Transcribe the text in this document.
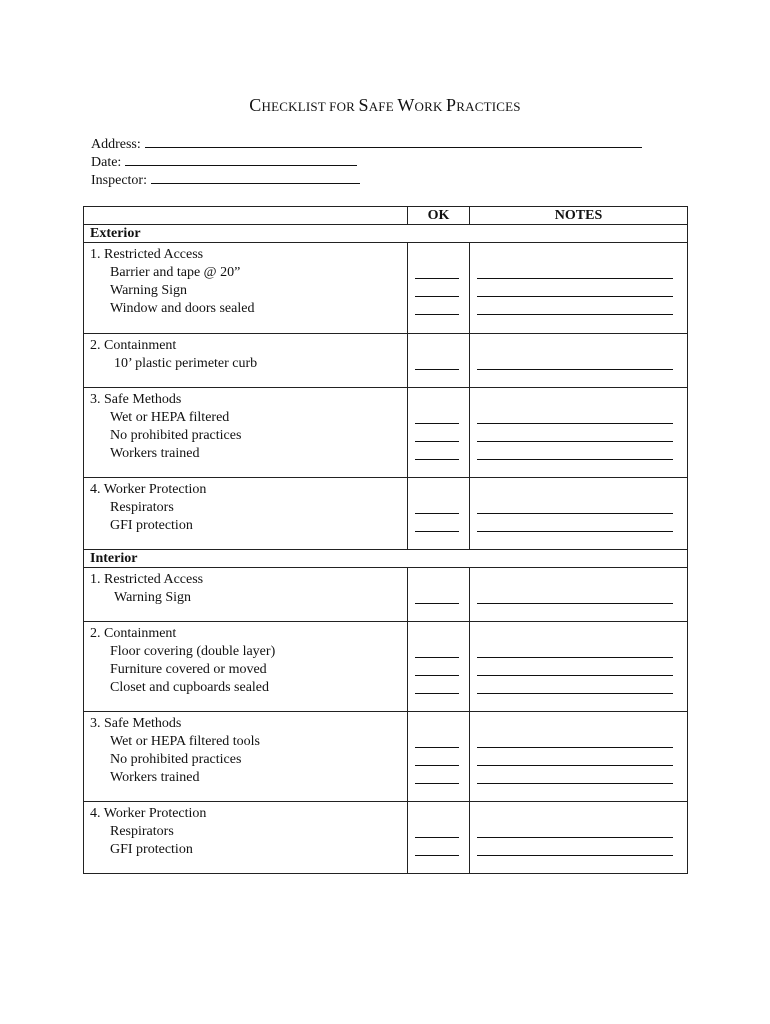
CHECKLIST FOR SAFE WORK PRACTICES
Address:
Date:
Inspector:
	OK	NOTES
Exterior		

1. Restricted Access
Barrier and tape @ 20”
Warning Sign
Window and doors sealed		

2. Containment
10’ plastic perimeter curb		

3. Safe Methods
Wet or HEPA filtered
No prohibited practices
Workers trained		

4. Worker Protection
Respirators
GFI protection		

Interior		

1. Restricted Access
Warning Sign		

2. Containment
Floor covering (double layer)
Furniture covered or moved
Closet and cupboards sealed		

3. Safe Methods
Wet or HEPA filtered tools
No prohibited practices
Workers trained		

4. Worker Protection
Respirators
GFI protection		
